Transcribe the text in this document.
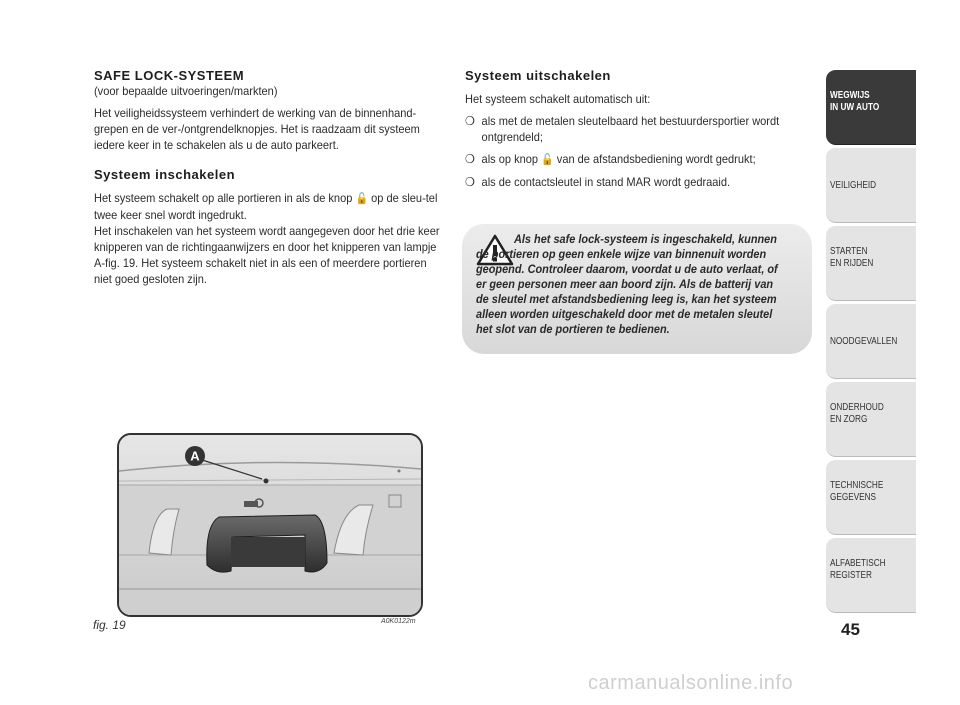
SAFE LOCK-SYSTEEM

(voor bepaalde uitvoeringen/markten)

Het veiligheidssysteem verhindert de werking van de binnenhand-grepen en de ver-/ontgrendelknopjes. Het is raadzaam dit systeem iedere keer in te schakelen als u de auto parkeert.

Systeem inschakelen

Het systeem schakelt op alle portieren in als de knop 🔓 op de sleu-tel twee keer snel wordt ingedrukt.

Het inschakelen van het systeem wordt aangegeven door het drie keer knipperen van de richtingaanwijzers en door het knipperen van lampje A-fig. 19. Het systeem schakelt niet in als een of meerdere portieren niet goed gesloten zijn.

Systeem uitschakelen

Het systeem schakelt automatisch uit:

❍ als met de metalen sleutelbaard het bestuurdersportier wordt ontgrendeld;
❍ als op knop 🔓 van de afstandsbediening wordt gedrukt;
❍ als de contactsleutel in stand MAR wordt gedraaid.

Als het safe lock-systeem is ingeschakeld, kunnen de portieren op geen enkele wijze van binnenuit worden geopend. Controleer daarom, voordat u de auto verlaat, of er geen personen meer aan boord zijn. Als de batterij van de sleutel met afstandsbediening leeg is, kan het systeem alleen worden uitgeschakeld door met de metalen sleutel het slot van de portieren te bedienen.

A
fig. 19	A0K0122m
WEGWIJS
IN UW AUTO
VEILIGHEID
STARTEN
EN RIJDEN
NOODGEVALLEN
ONDERHOUD
EN ZORG
TECHNISCHE
GEGEVENS
ALFABETISCH
REGISTER
45
carmanualsonline.info
